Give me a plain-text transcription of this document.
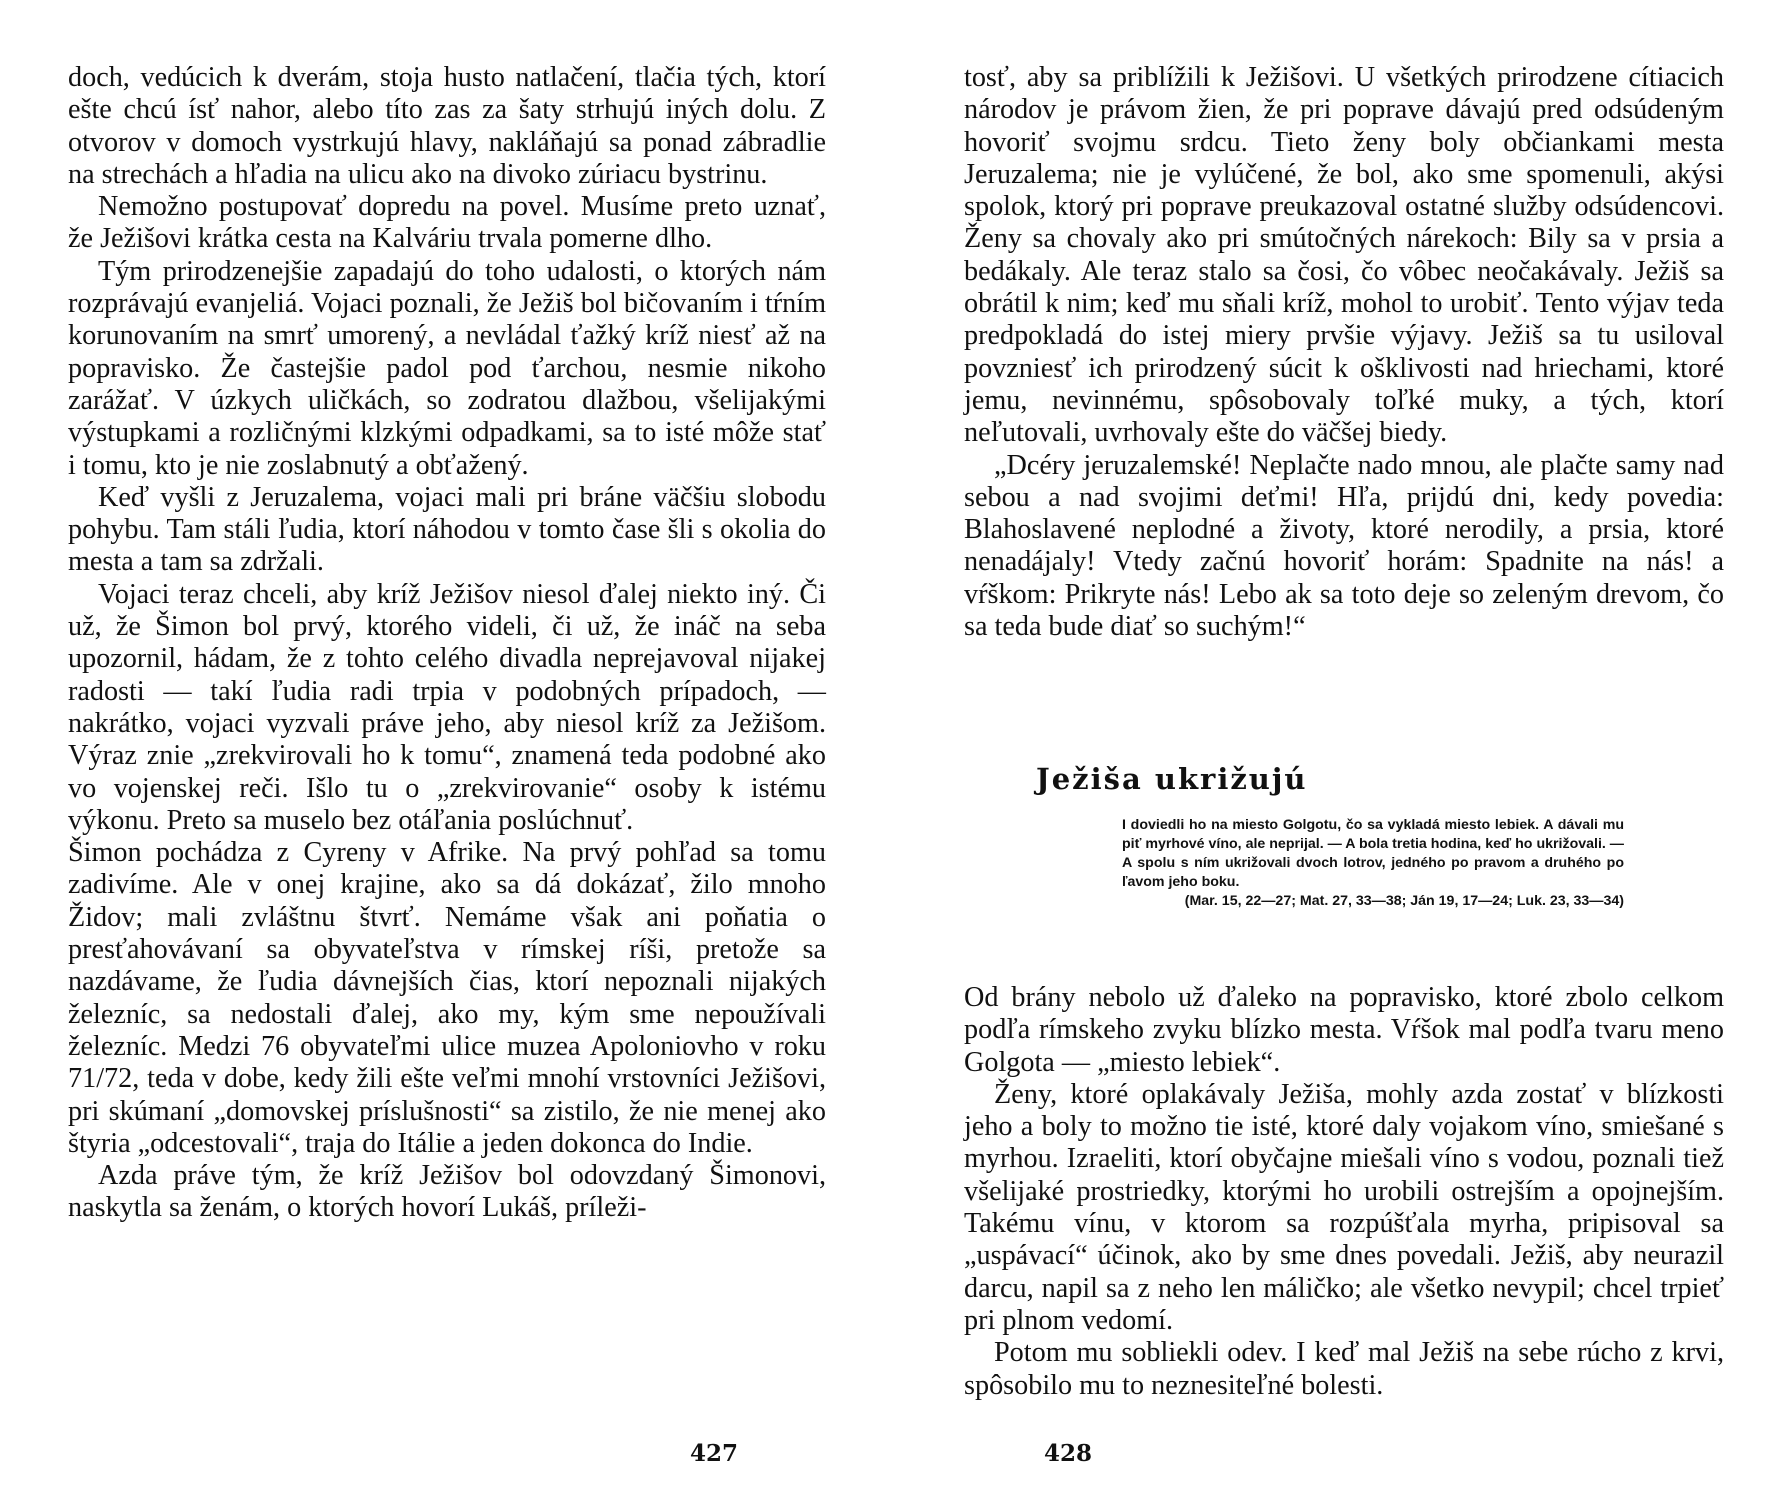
doch, vedúcich k dverám, stoja husto natlačení, tlačia tých, ktorí ešte chcú ísť nahor, alebo títo zas za šaty strhujú iných dolu. Z otvorov v domoch vystrkujú hlavy, nakláňajú sa ponad zábradlie na strechách a hľadia na ulicu ako na divoko zúriacu bystrinu.

Nemožno postupovať dopredu na povel. Musíme preto uznať, že Ježišovi krátka cesta na Kalváriu trvala pomerne dlho.

Tým prirodzenejšie zapadajú do toho udalosti, o ktorých nám rozprávajú evanjeliá. Vojaci poznali, že Ježiš bol bičovaním i tŕním korunovaním na smrť umorený, a nevládal ťažký kríž niesť až na popravisko. Že častejšie padol pod ťarchou, nesmie nikoho zarážať. V úzkych uličkách, so zodratou dlažbou, všelijakými výstupkami a rozličnými klzkými odpadkami, sa to isté môže stať i tomu, kto je nie zoslabnutý a obťažený.

Keď vyšli z Jeruzalema, vojaci mali pri bráne väčšiu slobodu pohybu. Tam stáli ľudia, ktorí náhodou v tomto čase šli s okolia do mesta a tam sa zdržali.

Vojaci teraz chceli, aby kríž Ježišov niesol ďalej niekto iný. Či už, že Šimon bol prvý, ktorého videli, či už, že ináč na seba upozornil, hádam, že z tohto celého divadla neprejavoval nijakej radosti — takí ľudia radi trpia v podobných prípadoch, — nakrátko, vojaci vyzvali práve jeho, aby niesol kríž za Ježišom. Výraz znie „zrekvirovali ho k tomu“, znamená teda podobné ako vo vojenskej reči. Išlo tu o „zrekvirovanie“ osoby k istému výkonu. Preto sa muselo bez otáľania poslúchnuť.

Šimon pochádza z Cyreny v Afrike. Na prvý pohľad sa tomu zadivíme. Ale v onej krajine, ako sa dá dokázať, žilo mnoho Židov; mali zvláštnu štvrť. Nemáme však ani poňatia o presťahovávaní sa obyvateľstva v rímskej ríši, pretože sa nazdávame, že ľudia dávnejších čias, ktorí nepoznali nijakých železníc, sa nedostali ďalej, ako my, kým sme nepoužívali železníc. Medzi 76 obyvateľmi ulice muzea Apoloniovho v roku 71/72, teda v dobe, kedy žili ešte veľmi mnohí vrstovníci Ježišovi, pri skúmaní „domovskej príslušnosti“ sa zistilo, že nie menej ako štyria „odcestovali“, traja do Itálie a jeden dokonca do Indie.

Azda práve tým, že kríž Ježišov bol odovzdaný Šimonovi, naskytla sa ženám, o ktorých hovorí Lukáš, príleži-

427

tosť, aby sa priblížili k Ježišovi. U všetkých prirodzene cítiacich národov je právom žien, že pri poprave dávajú pred odsúdeným hovoriť svojmu srdcu. Tieto ženy boly občiankami mesta Jeruzalema; nie je vylúčené, že bol, ako sme spomenuli, akýsi spolok, ktorý pri poprave preukazoval ostatné služby odsúdencovi. Ženy sa chovaly ako pri smútočných nárekoch: Bily sa v prsia a bedákaly. Ale teraz stalo sa čosi, čo vôbec neočakávaly. Ježiš sa obrátil k nim; keď mu sňali kríž, mohol to urobiť. Tento výjav teda predpokladá do istej miery prvšie výjavy. Ježiš sa tu usiloval povzniesť ich prirodzený súcit k ošklivosti nad hriechami, ktoré jemu, nevinnému, spôsobovaly toľké muky, a tých, ktorí neľutovali, uvrhovaly ešte do väčšej biedy.

„Dcéry jeruzalemské! Neplačte nado mnou, ale plačte samy nad sebou a nad svojimi deťmi! Hľa, prijdú dni, kedy povedia: Blahoslavené neplodné a životy, ktoré nerodily, a prsia, ktoré nenadájaly! Vtedy začnú hovoriť horám: Spadnite na nás! a vŕškom: Prikryte nás! Lebo ak sa toto deje so zeleným drevom, čo sa teda bude diať so suchým!“

Ježiša ukrižujú
I doviedli ho na miesto Golgotu, čo sa vykladá miesto lebiek. A dávali mu piť myrhové víno, ale neprijal. — A bola tretia hodina, keď ho ukrižovali. — A spolu s ním ukrižovali dvoch lotrov, jedného po pravom a druhého po ľavom jeho boku.
(Mar. 15, 22—27; Mat. 27, 33—38; Ján 19, 17—24; Luk. 23, 33—34)

Od brány nebolo už ďaleko na popravisko, ktoré zbolo celkom podľa rímskeho zvyku blízko mesta. Vŕšok mal podľa tvaru meno Golgota — „miesto lebiek“.

Ženy, ktoré oplakávaly Ježiša, mohly azda zostať v blízkosti jeho a boly to možno tie isté, ktoré daly vojakom víno, smiešané s myrhou. Izraeliti, ktorí obyčajne miešali víno s vodou, poznali tiež všelijaké prostriedky, ktorými ho urobili ostrejším a opojnejším. Takému vínu, v ktorom sa rozpúšťala myrha, pripisoval sa „uspávací“ účinok, ako by sme dnes povedali. Ježiš, aby neurazil darcu, napil sa z neho len máličko; ale všetko nevypil; chcel trpieť pri plnom vedomí.

Potom mu sobliekli odev. I keď mal Ježiš na sebe rúcho z krvi, spôsobilo mu to neznesiteľné bolesti.

428
